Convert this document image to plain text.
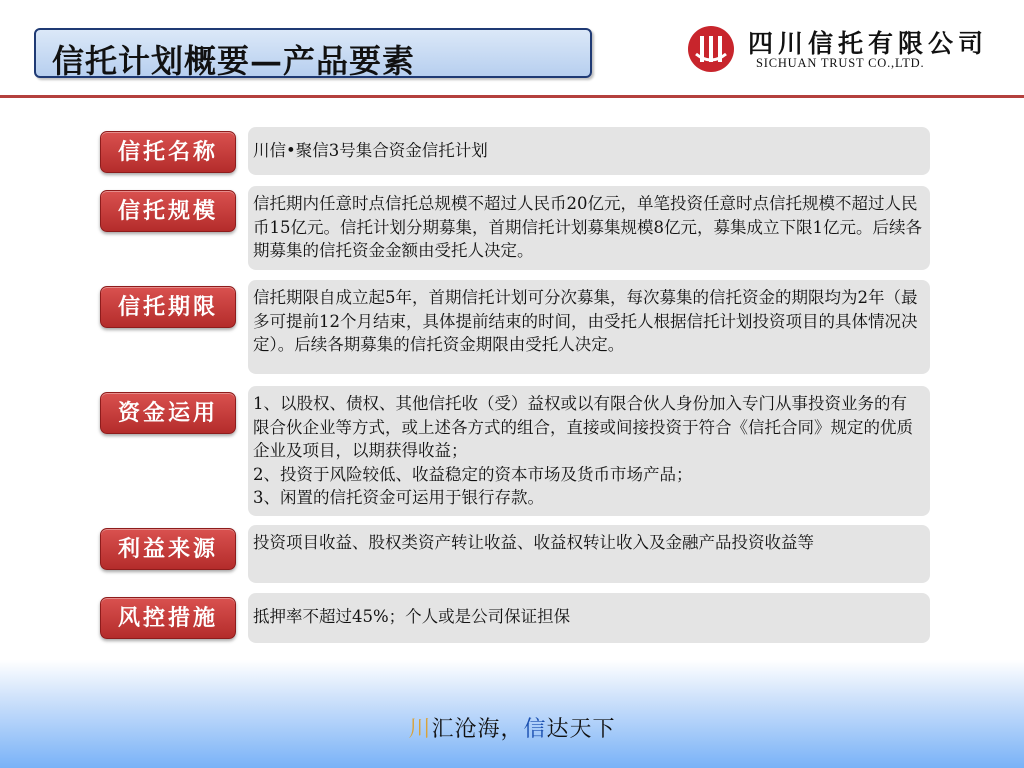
信托计划概要—产品要素	四川信托有限公司
SICHUAN TRUST CO.,LTD.
信托名称	川信•聚信3号集合资金信托计划
信托规模	信托期内任意时点信托总规模不超过人民币20亿元，单笔投资任意时点信托规模不超过人民币15亿元。信托计划分期募集，首期信托计划募集规模8亿元，募集成立下限1亿元。后续各期募集的信托资金金额由受托人决定。
信托期限	信托期限自成立起5年，首期信托计划可分次募集，每次募集的信托资金的期限均为2年（最多可提前12个月结束，具体提前结束的时间，由受托人根据信托计划投资项目的具体情况决定）。后续各期募集的信托资金期限由受托人决定。
资金运用	1、以股权、债权、其他信托收（受）益权或以有限合伙人身份加入专门从事投资业务的有限合伙企业等方式，或上述各方式的组合，直接或间接投资于符合《信托合同》规定的优质企业及项目，以期获得收益；
2、投资于风险较低、收益稳定的资本市场及货币市场产品；
3、闲置的信托资金可运用于银行存款。
利益来源	投资项目收益、股权类资产转让收益、收益权转让收入及金融产品投资收益等
风控措施	抵押率不超过45%；个人或是公司保证担保
川汇沧海，信达天下
